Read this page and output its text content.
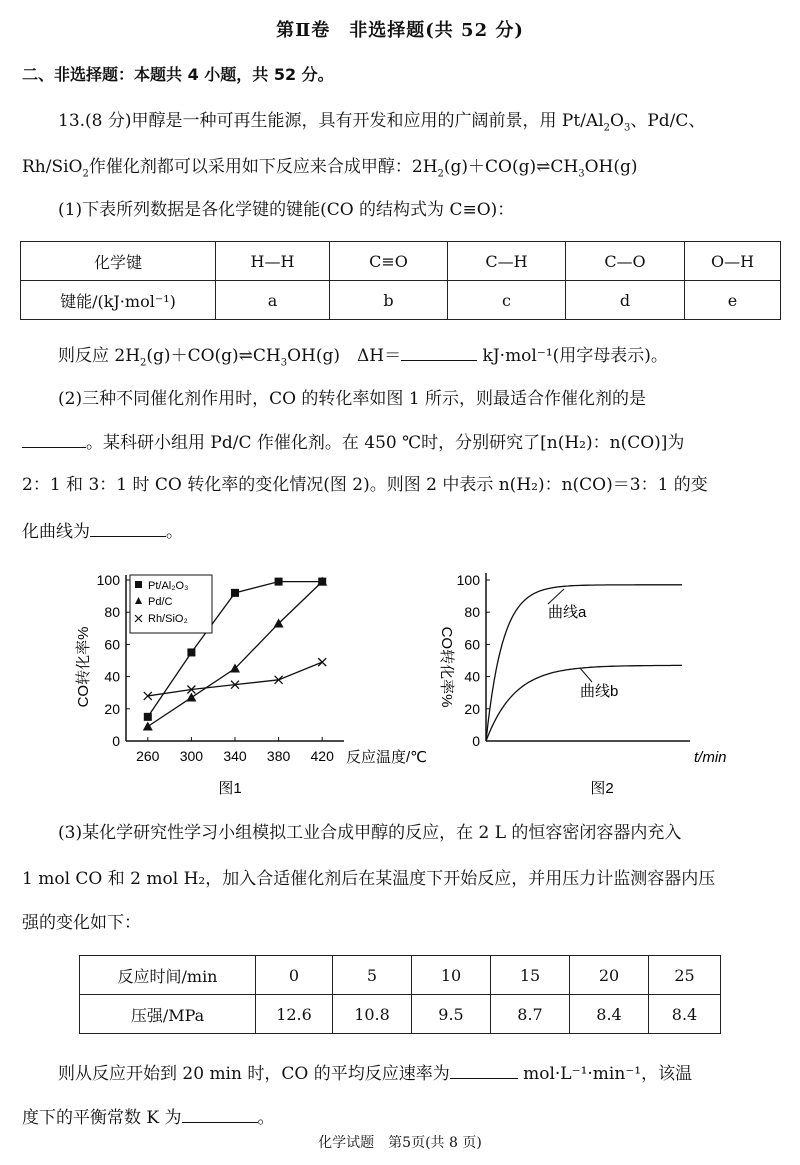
第Ⅱ卷　非选择题(共 52 分)
二、非选择题：本题共 4 小题，共 52 分。
13.(8 分)甲醇是一种可再生能源，具有开发和应用的广阔前景，用 $Pt/Al_2O_3$、Pd/C、
Rh/SiO$_2$作催化剂都可以采用如下反应来合成甲醇：$2H_2(g)+CO(g)\rightleftharpoons CH_3OH(g)$
(1)下表所列数据是各化学键的键能(CO 的结构式为 C≡O)：
化学键	H—H	C≡O	C—H	C—O	O—H
键能/(kJ·mol⁻¹)	a	b	c	d	e
则反应 $2H_2(g)+CO(g)\rightleftharpoons CH_3OH(g)$　ΔH＝	kJ·mol⁻¹(用字母表示)。
(2)三种不同催化剂作用时，CO 的转化率如图 1 所示，则最适合作催化剂的是
。某科研小组用 Pd/C 作催化剂。在 450 ℃时，分别研究了[n(H₂)：n(CO)]为
2：1 和 3：1 时 CO 转化率的变化情况(图 2)。则图 2 中表示 n(H₂)：n(CO)＝3：1 的变
化曲线为	。
0
20
40
60
80
100
260 300 340 380 420
CO转化率%
反应温度/℃
Pt/Al₂O₃
Pd/C
Rh/SiO₂
图1
0
20
40
60
80
100
CO转化率%
t/min
曲线a
曲线b
图2
(3)某化学研究性学习小组模拟工业合成甲醇的反应，在 2 L 的恒容密闭容器内充入
1 mol CO 和 2 mol H₂，加入合适催化剂后在某温度下开始反应，并用压力计监测容器内压
强的变化如下：
反应时间/min	0	5	10	15	20	25
压强/MPa	12.6	10.8	9.5	8.7	8.4	8.4
则从反应开始到 20 min 时，CO 的平均反应速率为	mol·L⁻¹·min⁻¹，该温
度下的平衡常数 K 为	。
化学试题　第5页(共 8 页)
